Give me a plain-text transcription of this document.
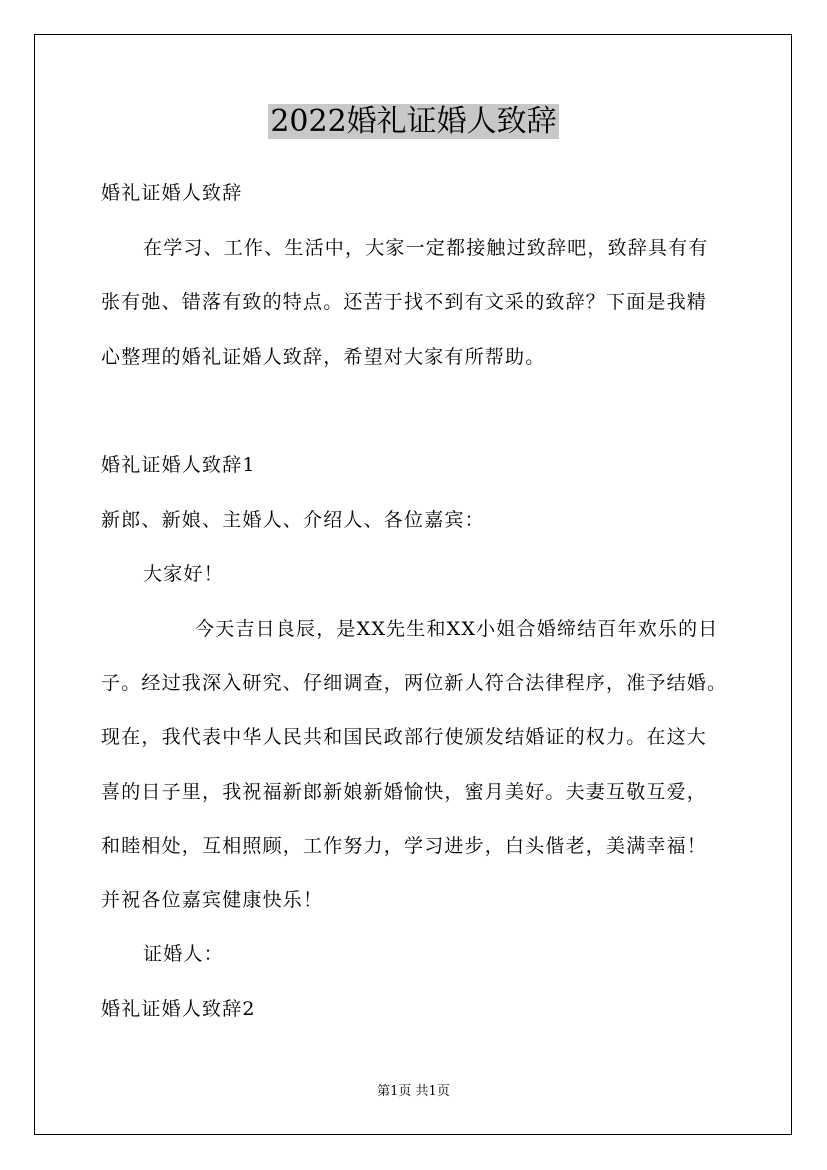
2022婚礼证婚人致辞
婚礼证婚人致辞
在学习、工作、生活中，大家一定都接触过致辞吧，致辞具有有
张有弛、错落有致的特点。还苦于找不到有文采的致辞？下面是我精
心整理的婚礼证婚人致辞，希望对大家有所帮助。
婚礼证婚人致辞1
新郎、新娘、主婚人、介绍人、各位嘉宾：
大家好！
今天吉日良辰，是XX先生和XX小姐合婚缔结百年欢乐的日
子。经过我深入研究、仔细调查，两位新人符合法律程序，准予结婚。
现在，我代表中华人民共和国民政部行使颁发结婚证的权力。在这大
喜的日子里，我祝福新郎新娘新婚愉快，蜜月美好。夫妻互敬互爱，
和睦相处，互相照顾，工作努力，学习进步，白头偕老，美满幸福！
并祝各位嘉宾健康快乐！
证婚人：
婚礼证婚人致辞2
第1页 共1页
